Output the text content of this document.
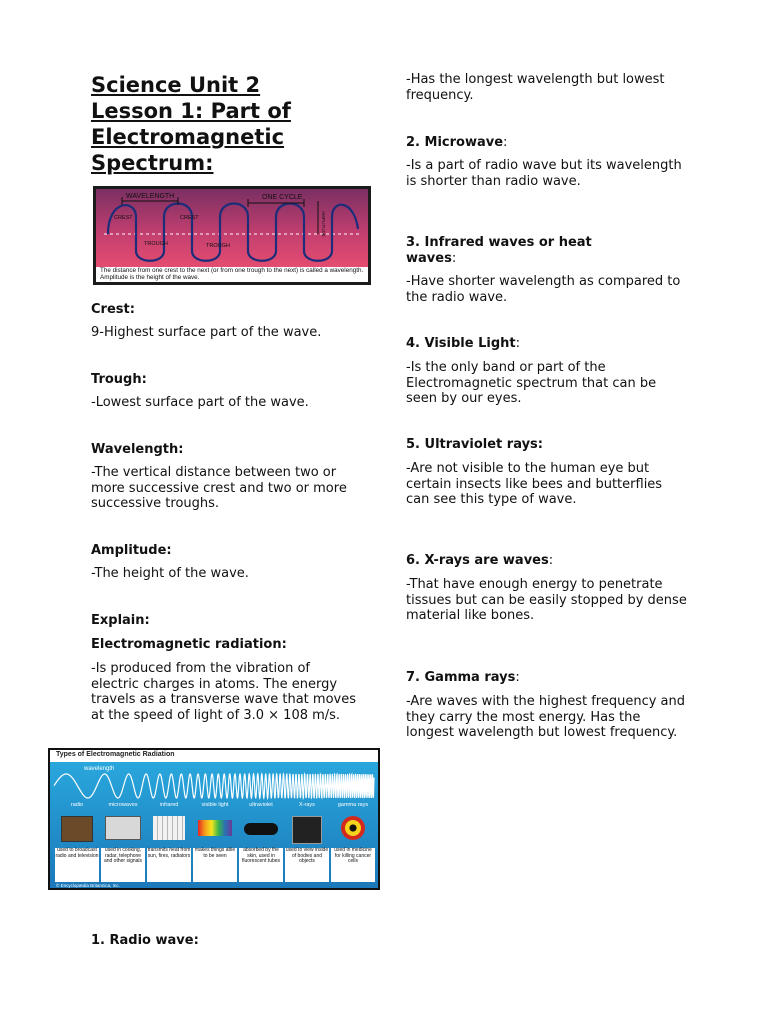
Science Unit 2
Lesson 1: Part of
Electromagnetic
Spectrum:
WAVELENGTH	ONE CYCLE
CREST	CREST
TROUGH	TROUGH
AMPLITUDE
The distance from one crest to the next (or from one trough to the next) is called a wavelength. Amplitude is the height of the wave.

Crest:

9-Highest surface part of the wave.

Trough:

-Lowest surface part of the wave.

Wavelength:

-The vertical distance between two or more successive crest and two or more successive troughs.

Amplitude:

-The height of the wave.

Explain:

Electromagnetic radiation:

-Is produced from the vibration of electric charges in atoms. The energy travels as a transverse wave that moves at the speed of light of 3.0 × 108 m/s.

Types of Electromagnetic Radiation
wavelength
radio	microwaves	infrared	visible light	ultraviolet	X-rays	gamma rays
used to broadcast radio and television
used in cooking, radar, telephone and other signals
transmits heat from sun, fires, radiators
makes things able to be seen
absorbed by the skin, used in fluorescent tubes
used to view inside of bodies and objects
used in medicine for killing cancer cells
© Encyclopædia Britannica, Inc.

1. Radio wave:

-Has the longest wavelength but lowest frequency.

2. Microwave:

-Is a part of radio wave but its wavelength is shorter than radio wave.

3. Infrared waves or heat waves:

-Have shorter wavelength as compared to the radio wave.

4. Visible Light:

-Is the only band or part of the Electromagnetic spectrum that can be seen by our eyes.

5. Ultraviolet rays:

-Are not visible to the human eye but certain insects like bees and butterflies can see this type of wave.

6. X-rays are waves:

-That have enough energy to penetrate tissues but can be easily stopped by dense material like bones.

7. Gamma rays:

-Are waves with the highest frequency and they carry the most energy. Has the longest wavelength but lowest frequency.
